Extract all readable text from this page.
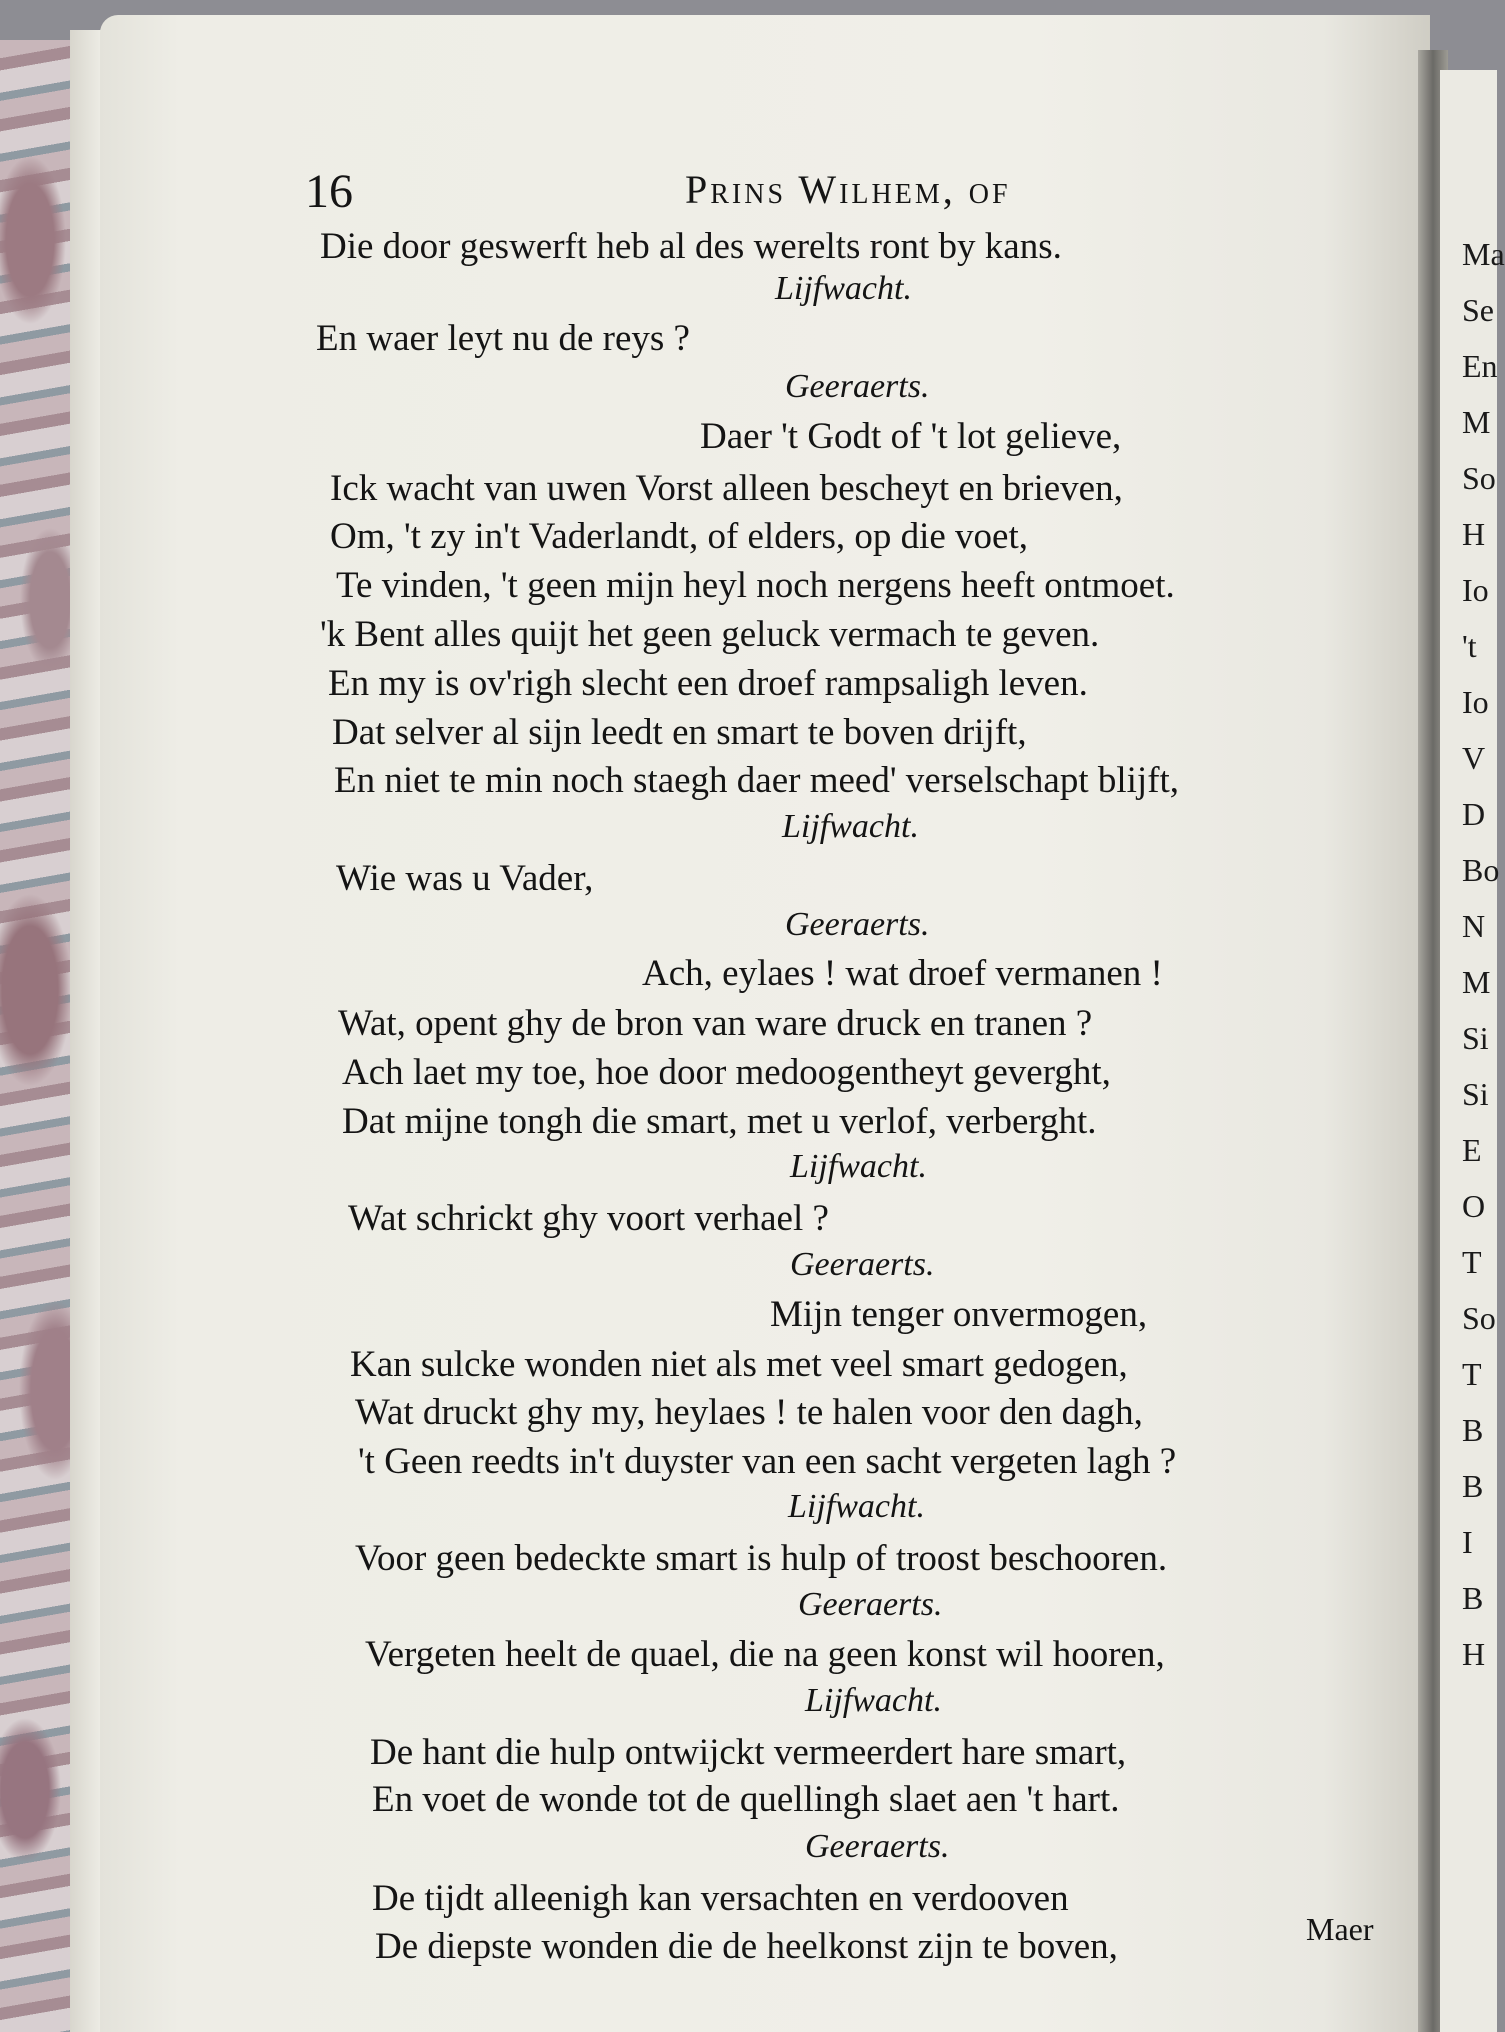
Ma
Se
En
M
So
H
Io
't
Io
V
D
Bo
N
M
Si
Si
E
O
T
So
T
B
B
I
B
H
16	Prins Wilhem, of
Die door geswerft heb al des werelts ront by kans.
Lijfwacht.
En waer leyt nu de reys ?
Geeraerts.
Daer 't Godt of 't lot gelieve,
Ick wacht van uwen Vorst alleen bescheyt en brieven,
Om, 't zy in't Vaderlandt, of elders, op die voet,
Te vinden, 't geen mijn heyl noch nergens heeft ontmoet.
'k Bent alles quijt het geen geluck vermach te geven.
En my is ov'righ slecht een droef rampsaligh leven.
Dat selver al sijn leedt en smart te boven drijft,
En niet te min noch staegh daer meed' verselschapt blijft,
Lijfwacht.
Wie was u Vader,
Geeraerts.
Ach, eylaes ! wat droef vermanen !
Wat, opent ghy de bron van ware druck en tranen ?
Ach laet my toe, hoe door medoogentheyt geverght,
Dat mijne tongh die smart, met u verlof, verberght.
Lijfwacht.
Wat schrickt ghy voort verhael ?
Geeraerts.
Mijn tenger onvermogen,
Kan sulcke wonden niet als met veel smart gedogen,
Wat druckt ghy my, heylaes ! te halen voor den dagh,
't Geen reedts in't duyster van een sacht vergeten lagh ?
Lijfwacht.
Voor geen bedeckte smart is hulp of troost beschooren.
Geeraerts.
Vergeten heelt de quael, die na geen konst wil hooren,
Lijfwacht.
De hant die hulp ontwijckt vermeerdert hare smart,
En voet de wonde tot de quellingh slaet aen 't hart.
Geeraerts.
De tijdt alleenigh kan versachten en verdooven
De diepste wonden die de heelkonst zijn te boven,	Maer
